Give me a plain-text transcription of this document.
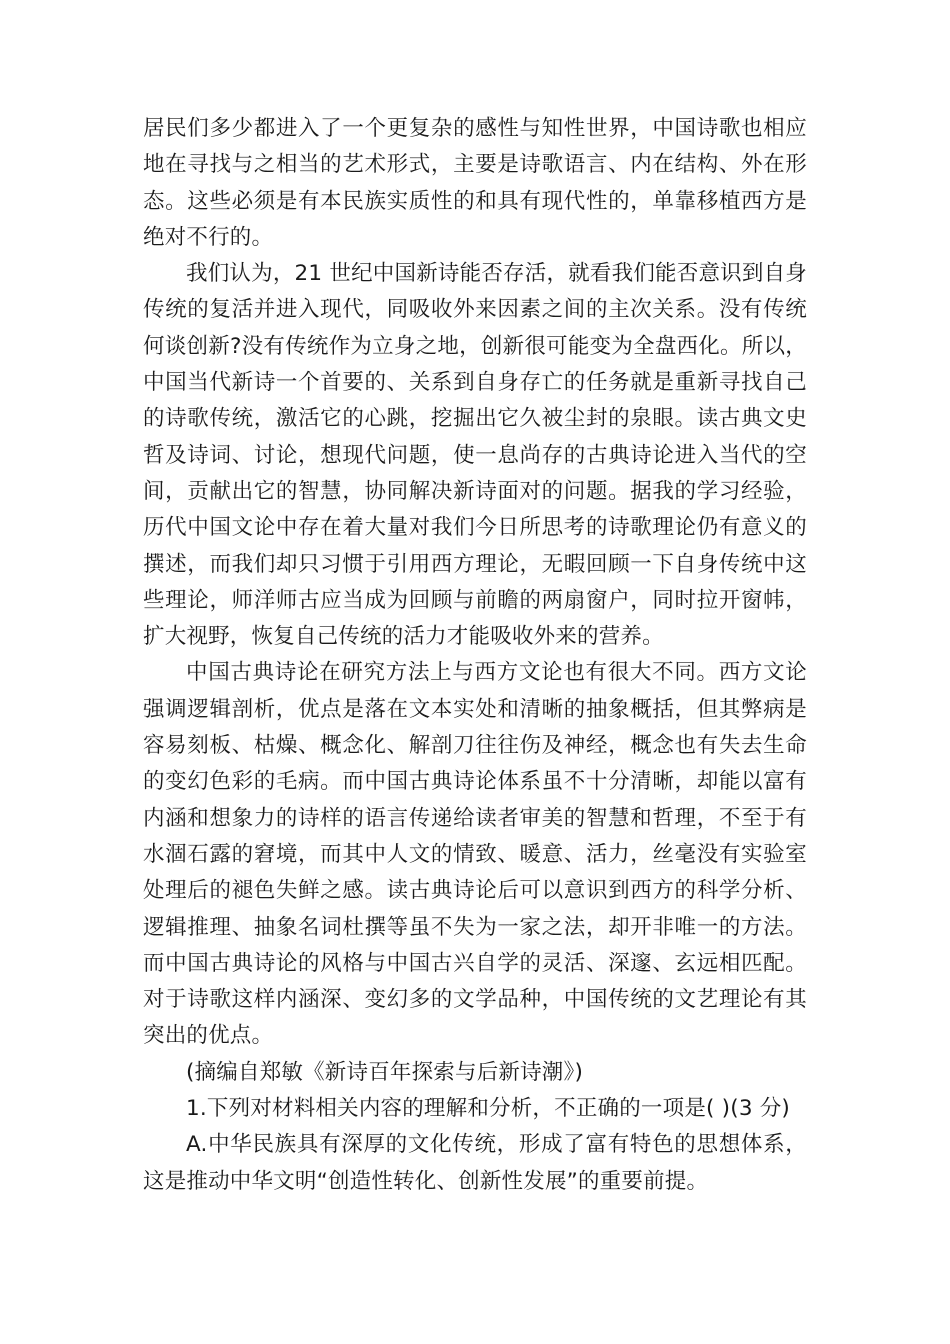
居民们多少都进入了一个更复杂的感性与知性世界，中国诗歌也相应地在寻找与之相当的艺术形式，主要是诗歌语言、内在结构、外在形态。这些必须是有本民族实质性的和具有现代性的，单靠移植西方是绝对不行的。

我们认为，21 世纪中国新诗能否存活，就看我们能否意识到自身传统的复活并进入现代，同吸收外来因素之间的主次关系。没有传统何谈创新?没有传统作为立身之地，创新很可能变为全盘西化。所以，中国当代新诗一个首要的、关系到自身存亡的任务就是重新寻找自己的诗歌传统，激活它的心跳，挖掘出它久被尘封的泉眼。读古典文史哲及诗词、讨论，想现代问题，使一息尚存的古典诗论进入当代的空间，贡献出它的智慧，协同解决新诗面对的问题。据我的学习经验，历代中国文论中存在着大量对我们今日所思考的诗歌理论仍有意义的撰述，而我们却只习惯于引用西方理论，无暇回顾一下自身传统中这些理论，师洋师古应当成为回顾与前瞻的两扇窗户，同时拉开窗帏，扩大视野，恢复自己传统的活力才能吸收外来的营养。

中国古典诗论在研究方法上与西方文论也有很大不同。西方文论强调逻辑剖析，优点是落在文本实处和清晰的抽象概括，但其弊病是容易刻板、枯燥、概念化、解剖刀往往伤及神经，概念也有失去生命的变幻色彩的毛病。而中国古典诗论体系虽不十分清晰，却能以富有内涵和想象力的诗样的语言传递给读者审美的智慧和哲理，不至于有水涸石露的窘境，而其中人文的情致、暖意、活力，丝毫没有实验室处理后的褪色失鲜之感。读古典诗论后可以意识到西方的科学分析、逻辑推理、抽象名词杜撰等虽不失为一家之法，却开非唯一的方法。而中国古典诗论的风格与中国古兴自学的灵活、深邃、玄远相匹配。对于诗歌这样内涵深、变幻多的文学品种，中国传统的文艺理论有其突出的优点。

(摘编自郑敏《新诗百年探索与后新诗潮》)

1.下列对材料相关内容的理解和分析，不正确的一项是( )(3 分)

A.中华民族具有深厚的文化传统，形成了富有特色的思想体系，这是推动中华文明“创造性转化、创新性发展”的重要前提。
